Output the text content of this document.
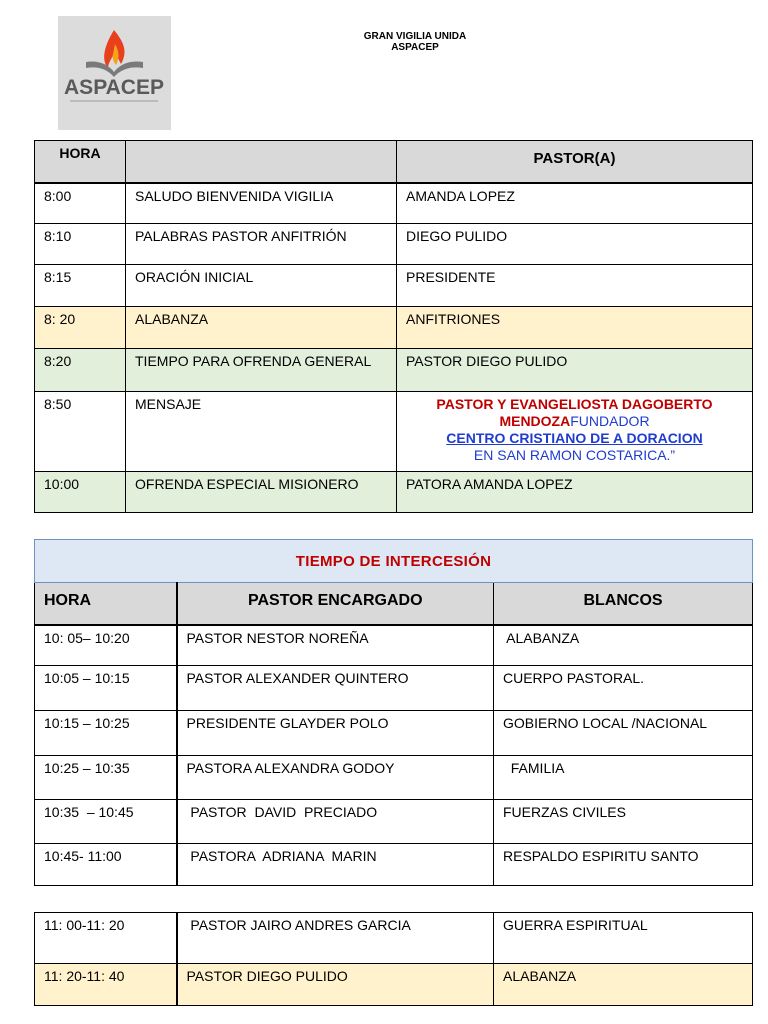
ASPACEP
GRAN VIGILIA UNIDA
ASPACEP
HORA		PASTOR(A)
8:00	SALUDO BIENVENIDA VIGILIA	AMANDA LOPEZ
8:10	PALABRAS PASTOR ANFITRIÓN	DIEGO PULIDO
8:15	ORACIÓN INICIAL	PRESIDENTE
8: 20	ALABANZA	ANFITRIONES
8:20	TIEMPO PARA OFRENDA GENERAL	PASTOR DIEGO PULIDO
8:50	MENSAJE	PASTOR Y EVANGELIOSTA DAGOBERTO MENDOZAFUNDADOR
CENTRO CRISTIANO DE A DORACION
EN SAN RAMON COSTARICA.”
10:00	OFRENDA ESPECIAL MISIONERO	PATORA AMANDA LOPEZ
TIEMPO DE INTERCESIÓN		
HORA	PASTOR ENCARGADO	BLANCOS
10: 05– 10:20	PASTOR NESTOR NOREÑA	ALABANZA
10:05 – 10:15	PASTOR ALEXANDER QUINTERO	CUERPO PASTORAL.
10:15 – 10:25	PRESIDENTE GLAYDER POLO	GOBIERNO LOCAL /NACIONAL
10:25 – 10:35	PASTORA ALEXANDRA GODOY	FAMILIA
10:35  – 10:45	PASTOR  DAVID  PRECIADO	FUERZAS CIVILES
10:45- 11:00	PASTORA  ADRIANA  MARIN	RESPALDO ESPIRITU SANTO
11: 00-11: 20	PASTOR JAIRO ANDRES GARCIA	GUERRA ESPIRITUAL
11: 20-11: 40	PASTOR DIEGO PULIDO	ALABANZA
